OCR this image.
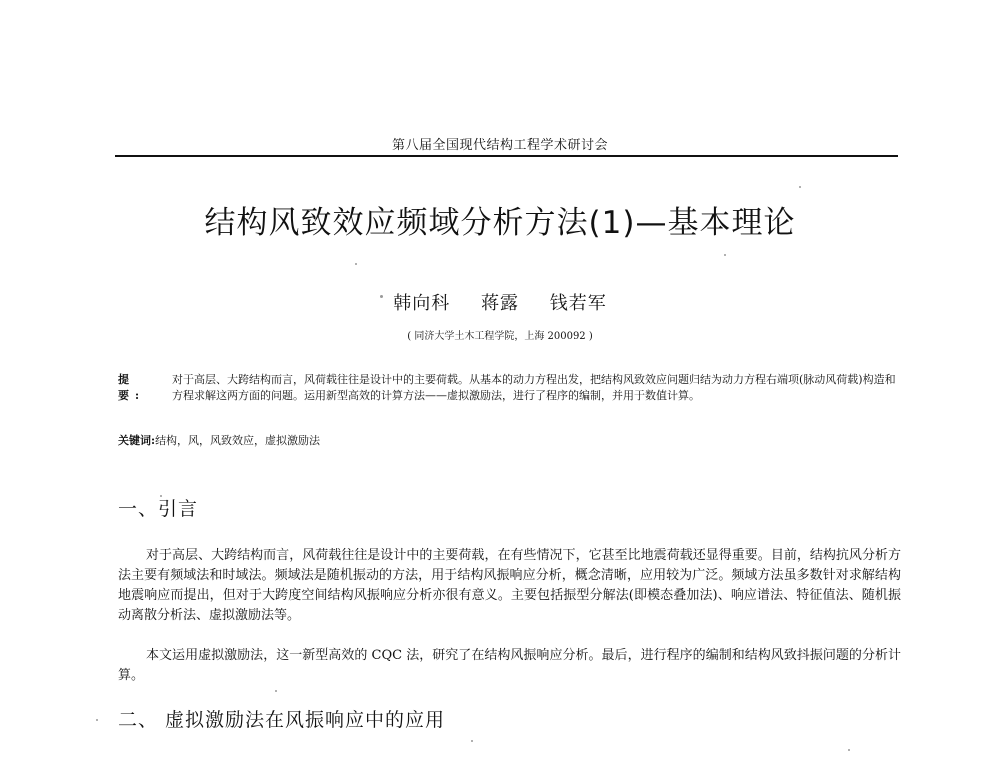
第八届全国现代结构工程学术研讨会
结构风致效应频域分析方法(1)—基本理论
韩向科 蒋露 钱若军
( 同济大学土木工程学院，上海 200092 )
提 要:
对于高层、大跨结构而言，风荷载往往是设计中的主要荷载。从基本的动力方程出发，把结构风致效应问题归结为动力方程右端项(脉动风荷载)构造和方程求解这两方面的问题。运用新型高效的计算方法——虚拟激励法，进行了程序的编制，并用于数值计算。
关键词:结构，风，风致效应，虚拟激励法
一、引言

对于高层、大跨结构而言，风荷载往往是设计中的主要荷载，在有些情况下，它甚至比地震荷载还显得重要。目前，结构抗风分析方法主要有频域法和时域法。频域法是随机振动的方法，用于结构风振响应分析，概念清晰，应用较为广泛。频域方法虽多数针对求解结构地震响应而提出，但对于大跨度空间结构风振响应分析亦很有意义。主要包括振型分解法(即模态叠加法)、响应谱法、特征值法、随机振动离散分析法、虚拟激励法等。

本文运用虚拟激励法，这一新型高效的 CQC 法，研究了在结构风振响应分析。最后，进行程序的编制和结构风致抖振问题的分析计算。

二、 虚拟激励法在风振响应中的应用
